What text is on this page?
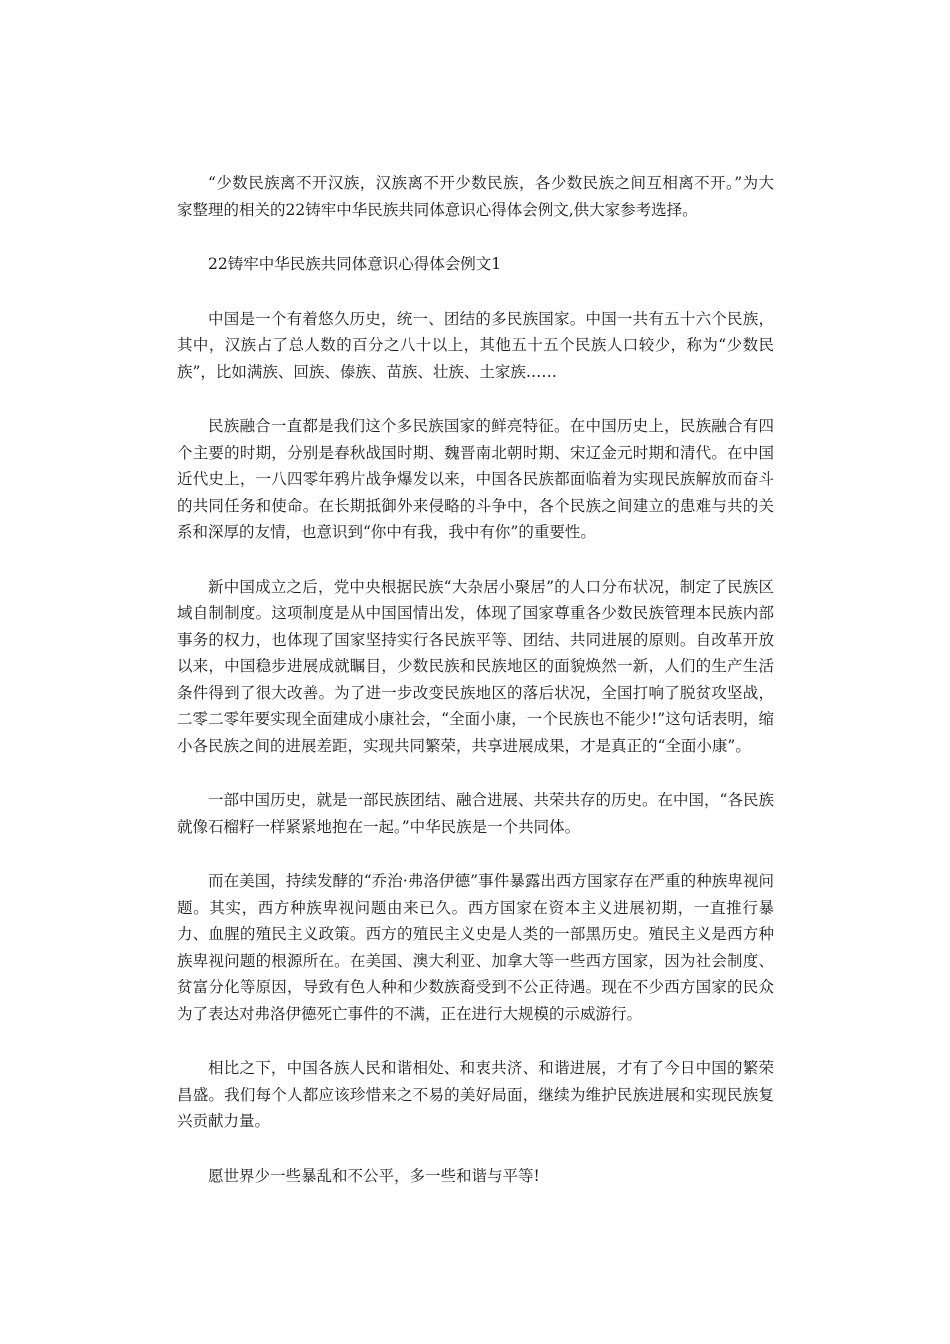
“少数民族离不开汉族，汉族离不开少数民族，各少数民族之间互相离不开。”为大家整理的相关的22铸牢中华民族共同体意识心得体会例文,供大家参考选择。

22铸牢中华民族共同体意识心得体会例文1

中国是一个有着悠久历史，统一、团结的多民族国家。中国一共有五十六个民族，其中，汉族占了总人数的百分之八十以上，其他五十五个民族人口较少，称为“少数民族”，比如满族、回族、傣族、苗族、壮族、土家族……

民族融合一直都是我们这个多民族国家的鲜亮特征。在中国历史上，民族融合有四个主要的时期，分别是春秋战国时期、魏晋南北朝时期、宋辽金元时期和清代。在中国近代史上，一八四零年鸦片战争爆发以来，中国各民族都面临着为实现民族解放而奋斗的共同任务和使命。在长期抵御外来侵略的斗争中，各个民族之间建立的患难与共的关系和深厚的友情，也意识到“你中有我，我中有你”的重要性。

新中国成立之后，党中央根据民族“大杂居小聚居”的人口分布状况，制定了民族区域自制制度。这项制度是从中国国情出发，体现了国家尊重各少数民族管理本民族内部事务的权力，也体现了国家坚持实行各民族平等、团结、共同进展的原则。自改革开放以来，中国稳步进展成就瞩目，少数民族和民族地区的面貌焕然一新，人们的生产生活条件得到了很大改善。为了进一步改变民族地区的落后状况，全国打响了脱贫攻坚战，二零二零年要实现全面建成小康社会，“全面小康，一个民族也不能少!”这句话表明，缩小各民族之间的进展差距，实现共同繁荣，共享进展成果，才是真正的“全面小康”。

一部中国历史，就是一部民族团结、融合进展、共荣共存的历史。在中国，“各民族就像石榴籽一样紧紧地抱在一起。”中华民族是一个共同体。

而在美国，持续发酵的“乔治·弗洛伊德”事件暴露出西方国家存在严重的种族卑视问题。其实，西方种族卑视问题由来已久。西方国家在资本主义进展初期，一直推行暴力、血腥的殖民主义政策。西方的殖民主义史是人类的一部黑历史。殖民主义是西方种族卑视问题的根源所在。在美国、澳大利亚、加拿大等一些西方国家，因为社会制度、贫富分化等原因，导致有色人种和少数族裔受到不公正待遇。现在不少西方国家的民众为了表达对弗洛伊德死亡事件的不满，正在进行大规模的示威游行。

相比之下，中国各族人民和谐相处、和衷共济、和谐进展，才有了今日中国的繁荣昌盛。我们每个人都应该珍惜来之不易的美好局面，继续为维护民族进展和实现民族复兴贡献力量。

愿世界少一些暴乱和不公平，多一些和谐与平等!
